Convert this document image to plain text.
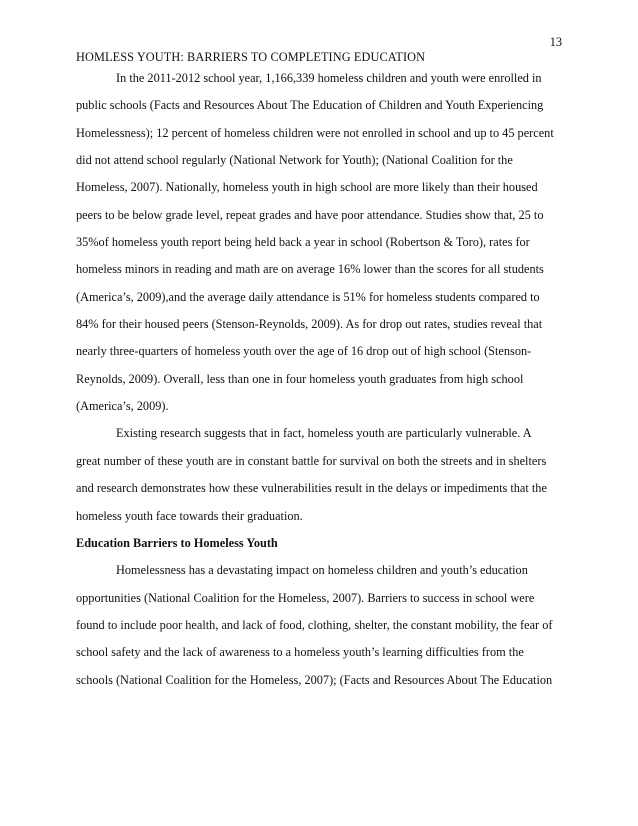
13
HOMLESS YOUTH: BARRIERS TO COMPLETING EDUCATION
In the 2011-2012 school year, 1,166,339 homeless children and youth were enrolled in
public schools (Facts and Resources About The Education of Children and Youth Experiencing
Homelessness); 12 percent of homeless children were not enrolled in school and up to 45 percent
did not attend school regularly (National Network for Youth); (National Coalition for the
Homeless, 2007). Nationally, homeless youth in high school are more likely than their housed
peers to be below grade level, repeat grades and have poor attendance. Studies show that, 25 to
35%of homeless youth report being held back a year in school (Robertson & Toro), rates for
homeless minors in reading and math are on average 16% lower than the scores for all students
(America’s, 2009),and the average daily attendance is 51% for homeless students compared to
84% for their housed peers (Stenson-Reynolds, 2009). As for drop out rates, studies reveal that
nearly three-quarters of homeless youth over the age of 16 drop out of high school (Stenson-
Reynolds, 2009). Overall, less than one in four homeless youth graduates from high school
(America’s, 2009).
Existing research suggests that in fact, homeless youth are particularly vulnerable. A
great number of these youth are in constant battle for survival on both the streets and in shelters
and research demonstrates how these vulnerabilities result in the delays or impediments that the
homeless youth face towards their graduation.
Education Barriers to Homeless Youth
Homelessness has a devastating impact on homeless children and youth’s education
opportunities (National Coalition for the Homeless, 2007). Barriers to success in school were
found to include poor health, and lack of food, clothing, shelter, the constant mobility, the fear of
school safety and the lack of awareness to a homeless youth’s learning difficulties from the
schools (National Coalition for the Homeless, 2007); (Facts and Resources About The Education
